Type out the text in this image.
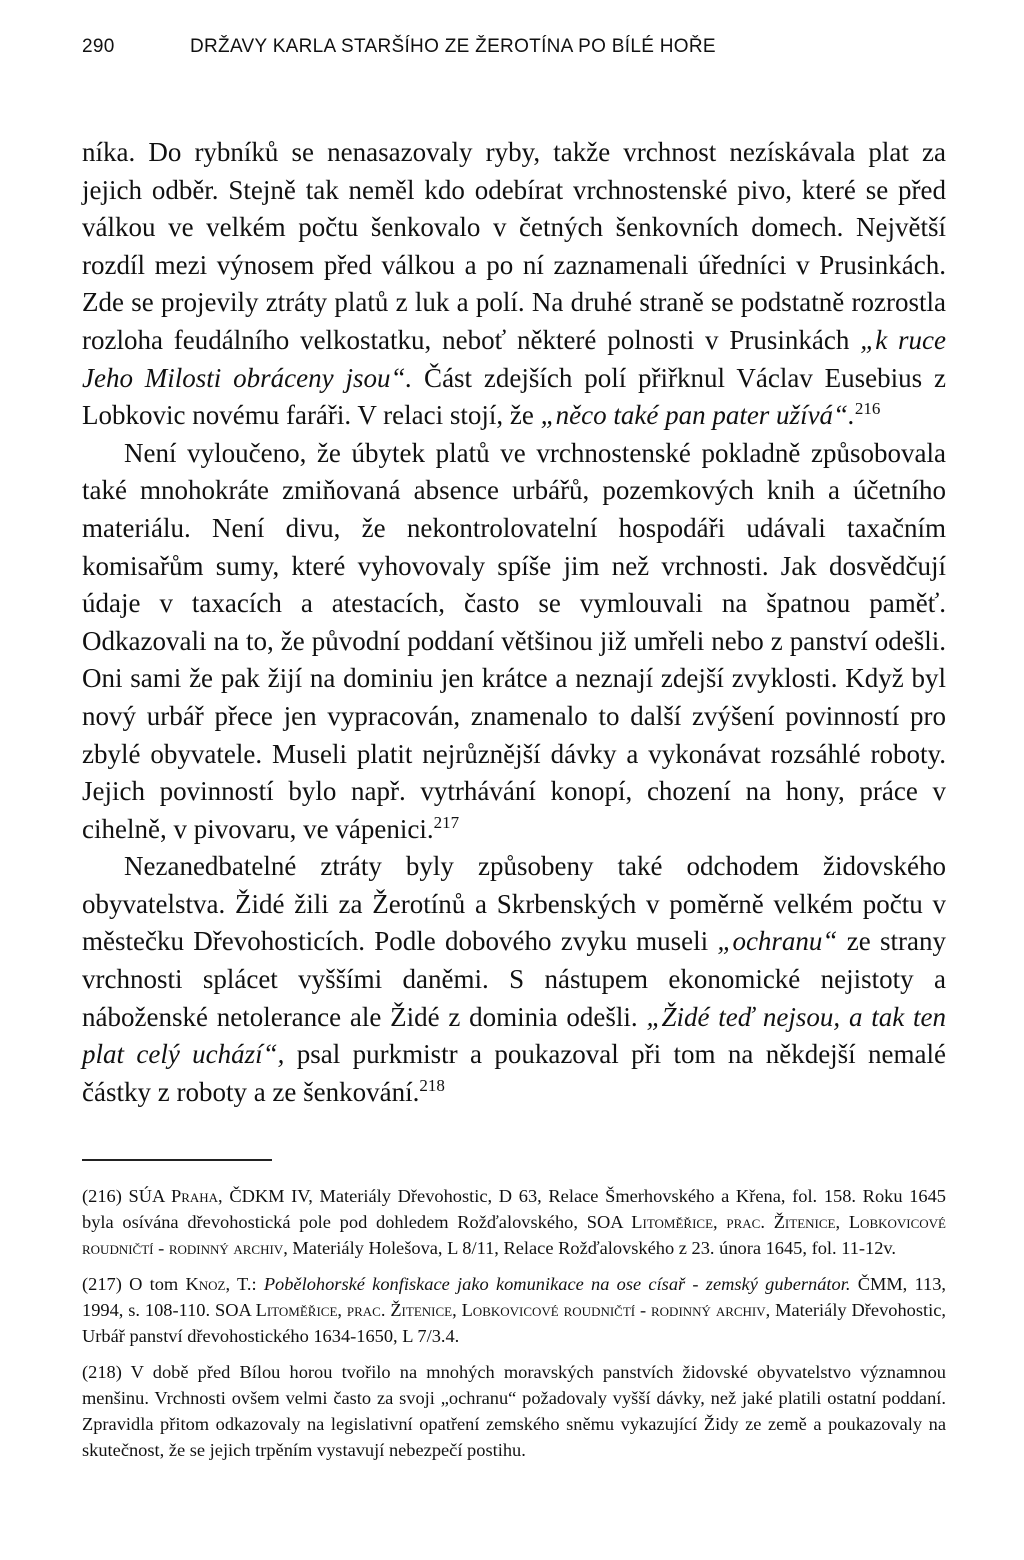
290	DRŽAVY KARLA STARŠÍHO ZE ŽEROTÍNA PO BÍLÉ HOŘE

níka. Do rybníků se nenasazovaly ryby, takže vrchnost nezískávala plat za jejich odběr. Stejně tak neměl kdo odebírat vrchnostenské pivo, které se před válkou ve velkém počtu šenkovalo v četných šenkovních domech. Největší rozdíl mezi výnosem před válkou a po ní zaznamenali úředníci v Prusinkách. Zde se projevily ztráty platů z luk a polí. Na druhé straně se podstatně rozrostla rozloha feudálního velkostatku, neboť některé polnosti v Prusinkách „k ruce Jeho Milosti obráceny jsou“. Část zdejších polí přiřknul Václav Eusebius z Lobkovic novému faráři. V relaci stojí, že „něco také pan pater užívá“.$^{216}$

Není vyloučeno, že úbytek platů ve vrchnostenské pokladně způsobovala také mnohokráte zmiňovaná absence urbářů, pozemkových knih a účetního materiálu. Není divu, že nekontrolovatelní hospodáři udávali taxačním komisařům sumy, které vyhovovaly spíše jim než vrchnosti. Jak dosvědčují údaje v taxacích a atestacích, často se vymlouvali na špatnou paměť. Odkazovali na to, že původní poddaní většinou již umřeli nebo z panství odešli. Oni sami že pak žijí na dominiu jen krátce a neznají zdejší zvyklosti. Když byl nový urbář přece jen vypracován, znamenalo to další zvýšení povinností pro zbylé obyvatele. Museli platit nejrůznější dávky a vykonávat rozsáhlé roboty. Jejich povinností bylo např. vytrhávání konopí, chození na hony, práce v cihelně, v pivovaru, ve vápenici.$^{217}$

Nezanedbatelné ztráty byly způsobeny také odchodem židovského obyvatelstva. Židé žili za Žerotínů a Skrbenských v poměrně velkém počtu v městečku Dřevohosticích. Podle dobového zvyku museli „ochranu“ ze strany vrchnosti splácet vyššími daněmi. S nástupem ekonomické nejistoty a náboženské netolerance ale Židé z dominia odešli. „Židé teď nejsou, a tak ten plat celý uchází“, psal purkmistr a poukazoval při tom na někdejší nemalé částky z roboty a ze šenkování.$^{218}$

(216) SÚA Praha, ČDKM IV, Materiály Dřevohostic, D 63, Relace Šmerhovského a Křena, fol. 158. Roku 1645 byla osívána dřevohostická pole pod dohledem Rožďalovského, SOA Litoměřice, prac. Žitenice, Lobkovicové roudničtí - rodinný archiv, Materiály Holešova, L 8/11, Relace Rožďalovského z 23. února 1645, fol. 11-12v.

(217) O tom Knoz, T.: Pobělohorské konfiskace jako komunikace na ose císař - zemský gubernátor. ČMM, 113, 1994, s. 108-110. SOA Litoměřice, prac. Žitenice, Lobkovicové roudničtí - rodinný archiv, Materiály Dřevohostic, Urbář panství dřevohostického 1634-1650, L 7/3.4.

(218) V době před Bílou horou tvořilo na mnohých moravských panstvích židovské obyvatelstvo významnou menšinu. Vrchnosti ovšem velmi často za svoji „ochranu“ požadovaly vyšší dávky, než jaké platili ostatní poddaní. Zpravidla přitom odkazovaly na legislativní opatření zemského sněmu vykazující Židy ze země a poukazovaly na skutečnost, že se jejich trpěním vystavují nebezpečí postihu.
